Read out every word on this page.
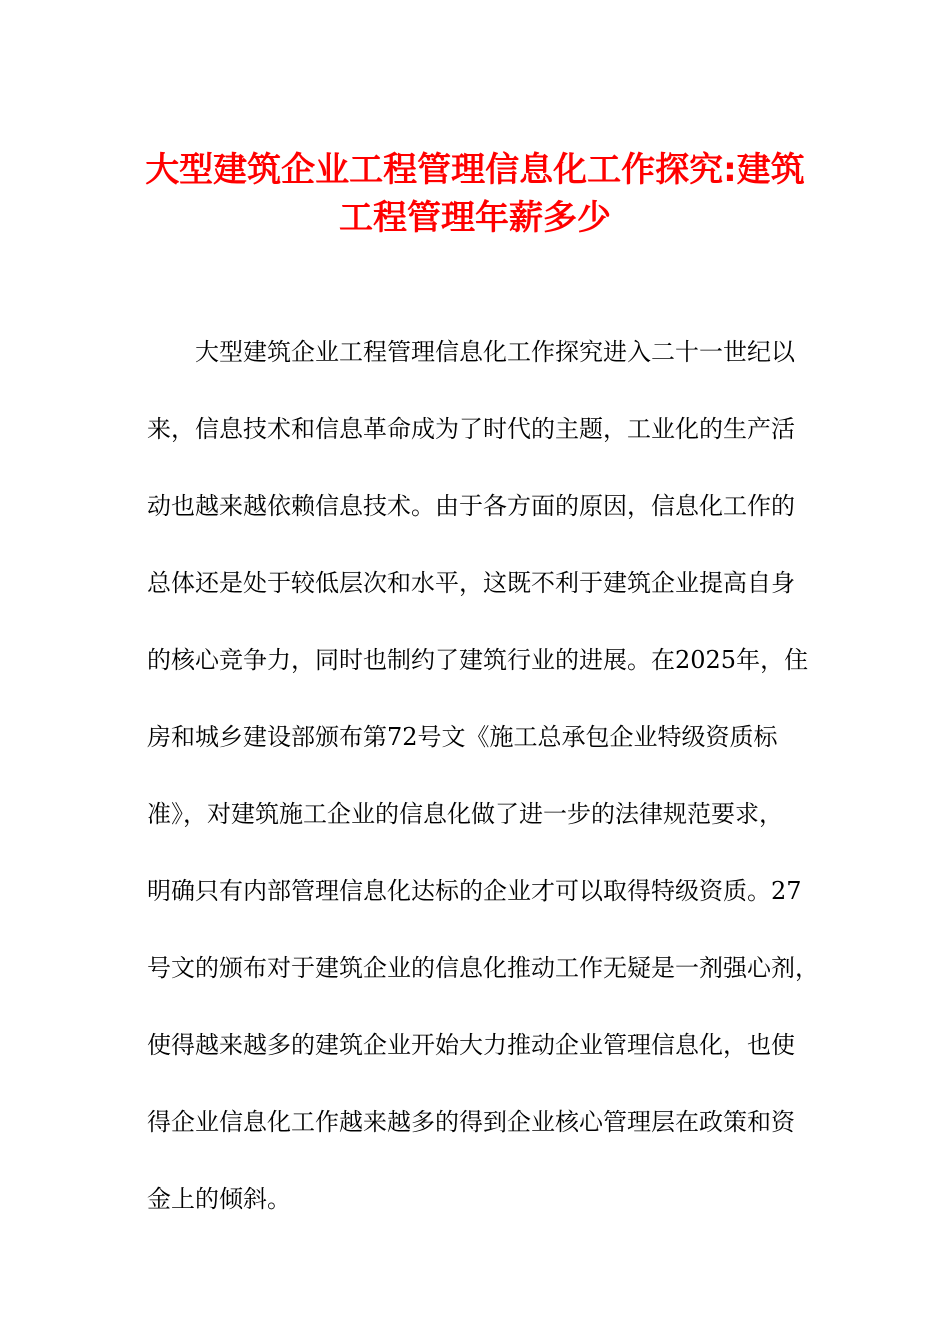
大型建筑企业工程管理信息化工作探究:建筑
工程管理年薪多少
　　大型建筑企业工程管理信息化工作探究进入二十一世纪以
来，信息技术和信息革命成为了时代的主题，工业化的生产活
动也越来越依赖信息技术。由于各方面的原因，信息化工作的
总体还是处于较低层次和水平，这既不利于建筑企业提高自身
的核心竞争力，同时也制约了建筑行业的进展。在2025年，住
房和城乡建设部颁布第72号文《施工总承包企业特级资质标
准》，对建筑施工企业的信息化做了进一步的法律规范要求，
明确只有内部管理信息化达标的企业才可以取得特级资质。27
号文的颁布对于建筑企业的信息化推动工作无疑是一剂强心剂，
使得越来越多的建筑企业开始大力推动企业管理信息化，也使
得企业信息化工作越来越多的得到企业核心管理层在政策和资
金上的倾斜。
